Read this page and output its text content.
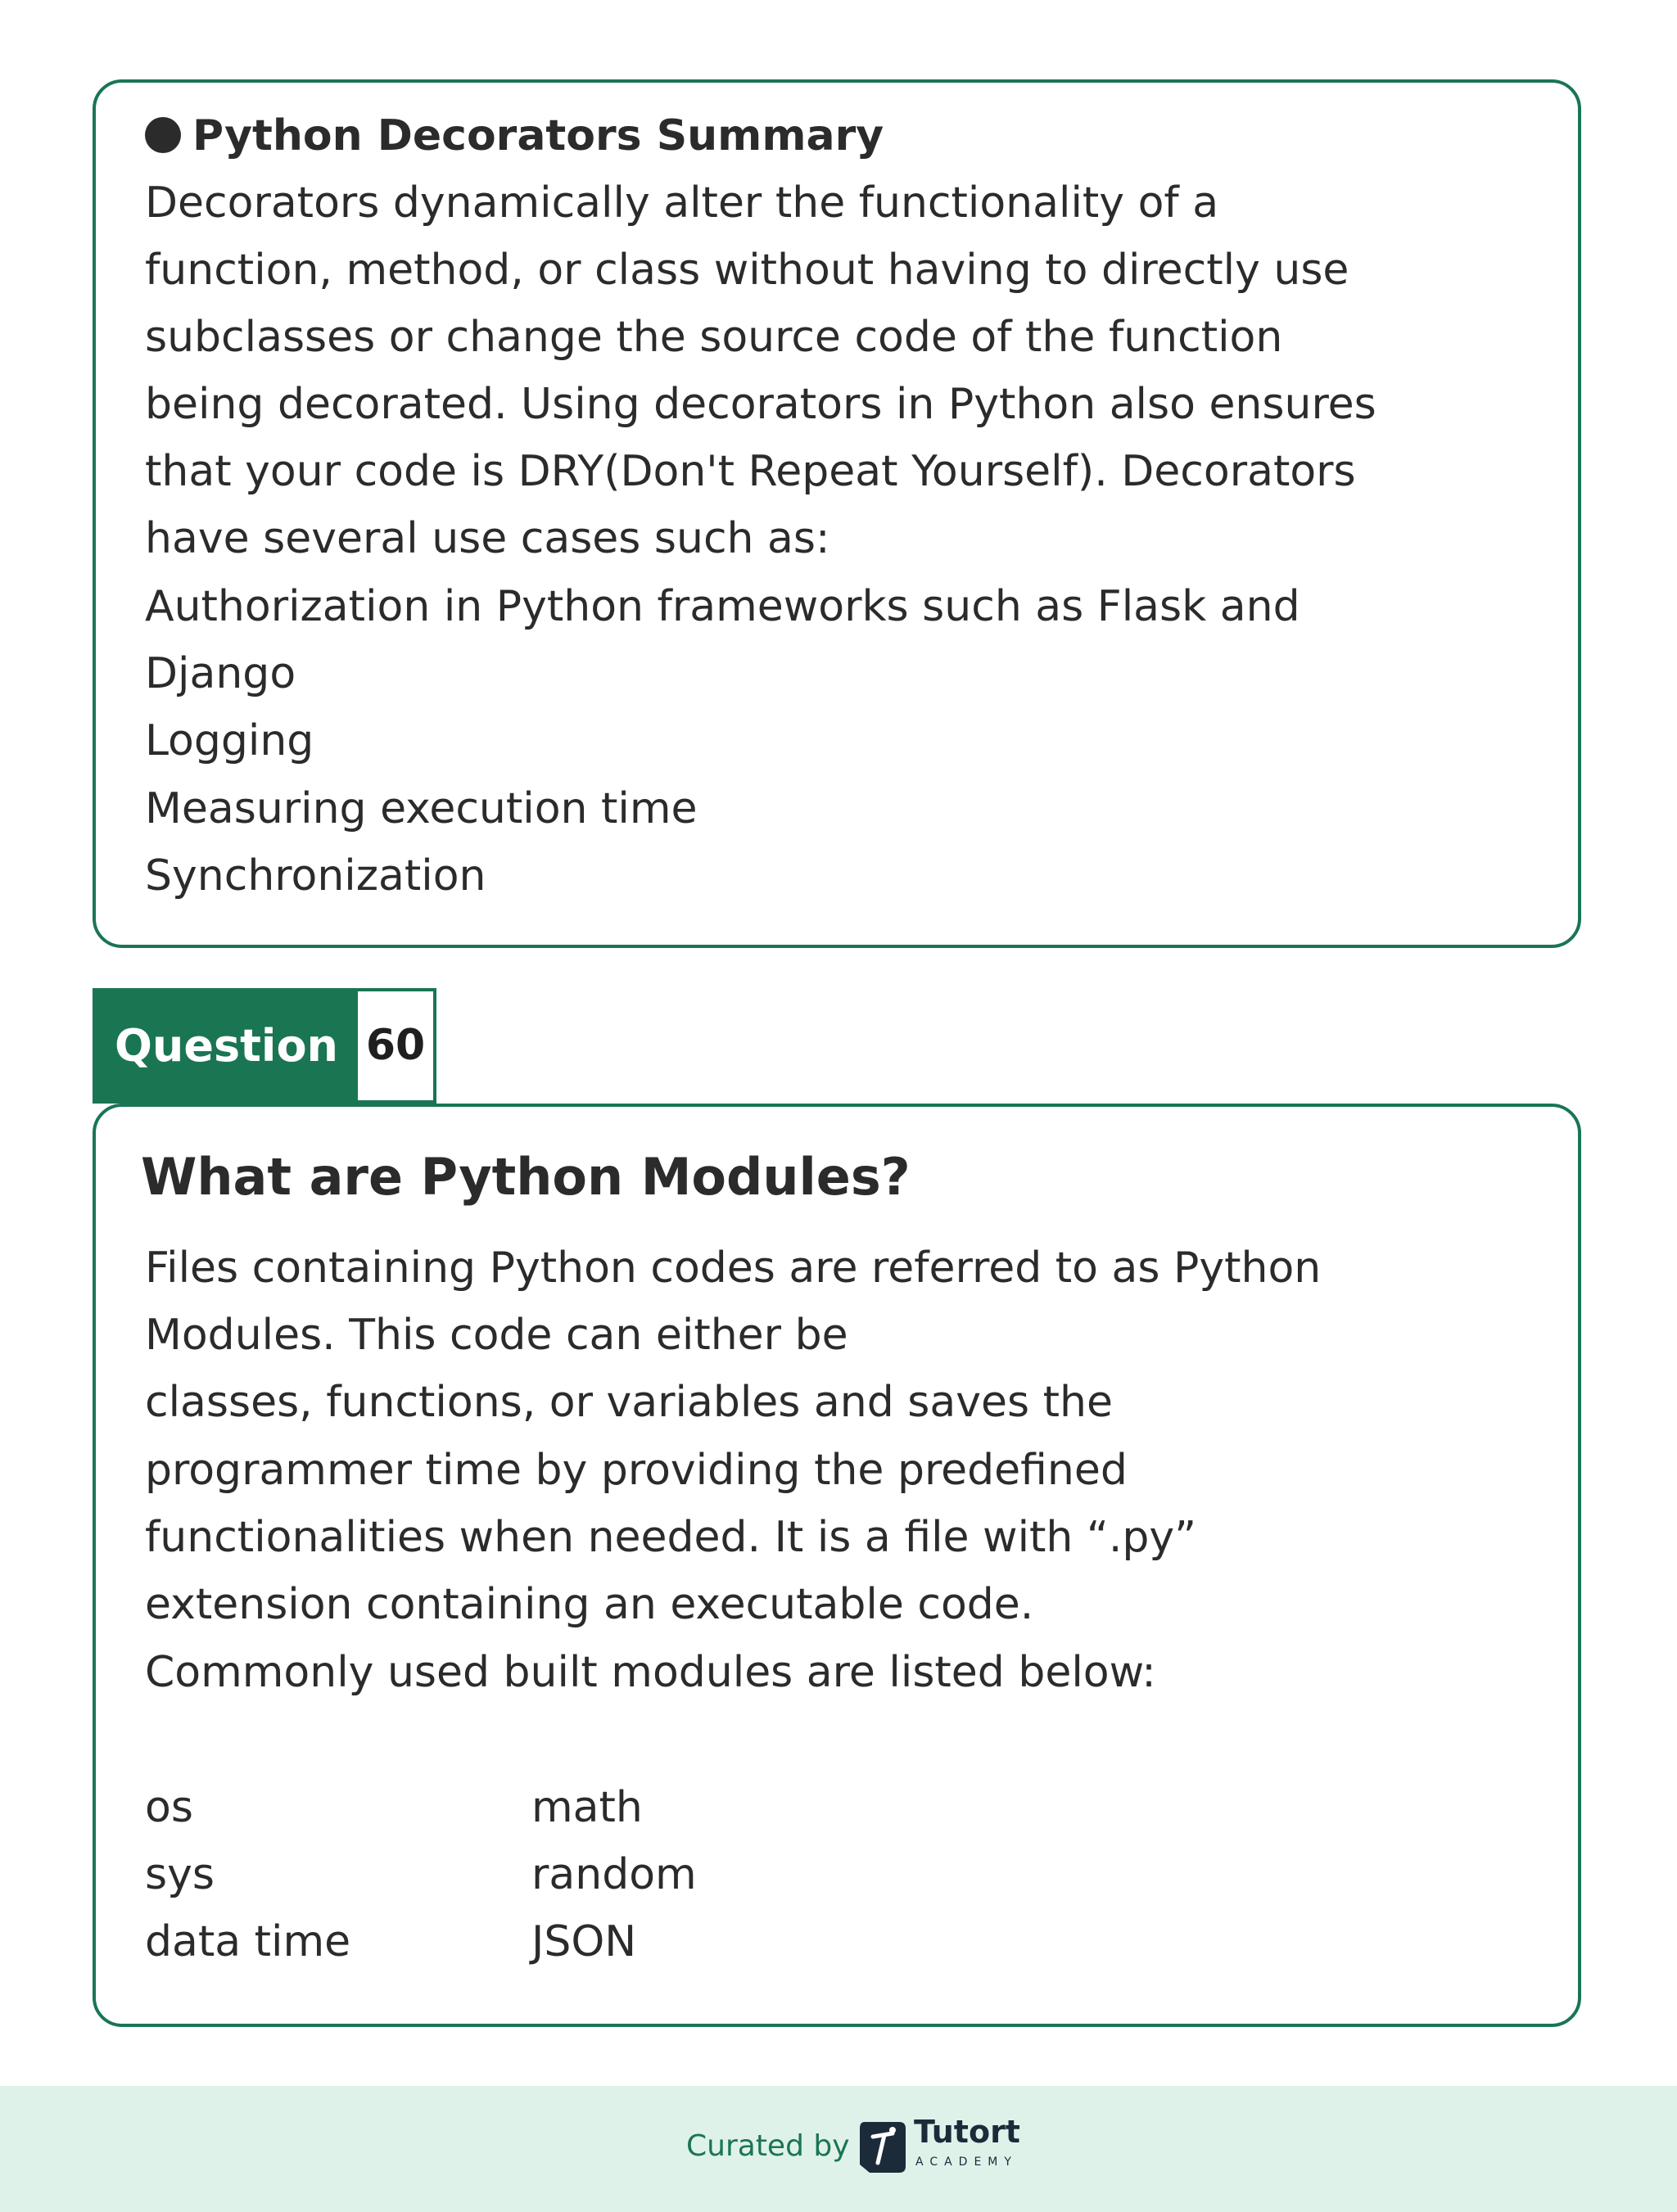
Python Decorators Summary
Decorators dynamically alter the functionality of a
function, method, or class without having to directly use
subclasses or change the source code of the function
being decorated. Using decorators in Python also ensures
that your code is DRY(Don't Repeat Yourself). Decorators
have several use cases such as:
Authorization in Python frameworks such as Flask and
Django
Logging
Measuring execution time
Synchronization
Question 60
What are Python Modules?
Files containing Python codes are referred to as Python
Modules. This code can either be
classes, functions, or variables and saves the
programmer time by providing the predefined
functionalities when needed. It is a file with “.py”
extension containing an executable code.
Commonly used built modules are listed below:
os	math
sys	random
data time	JSON
Curated by Tutort
ACADEMY
